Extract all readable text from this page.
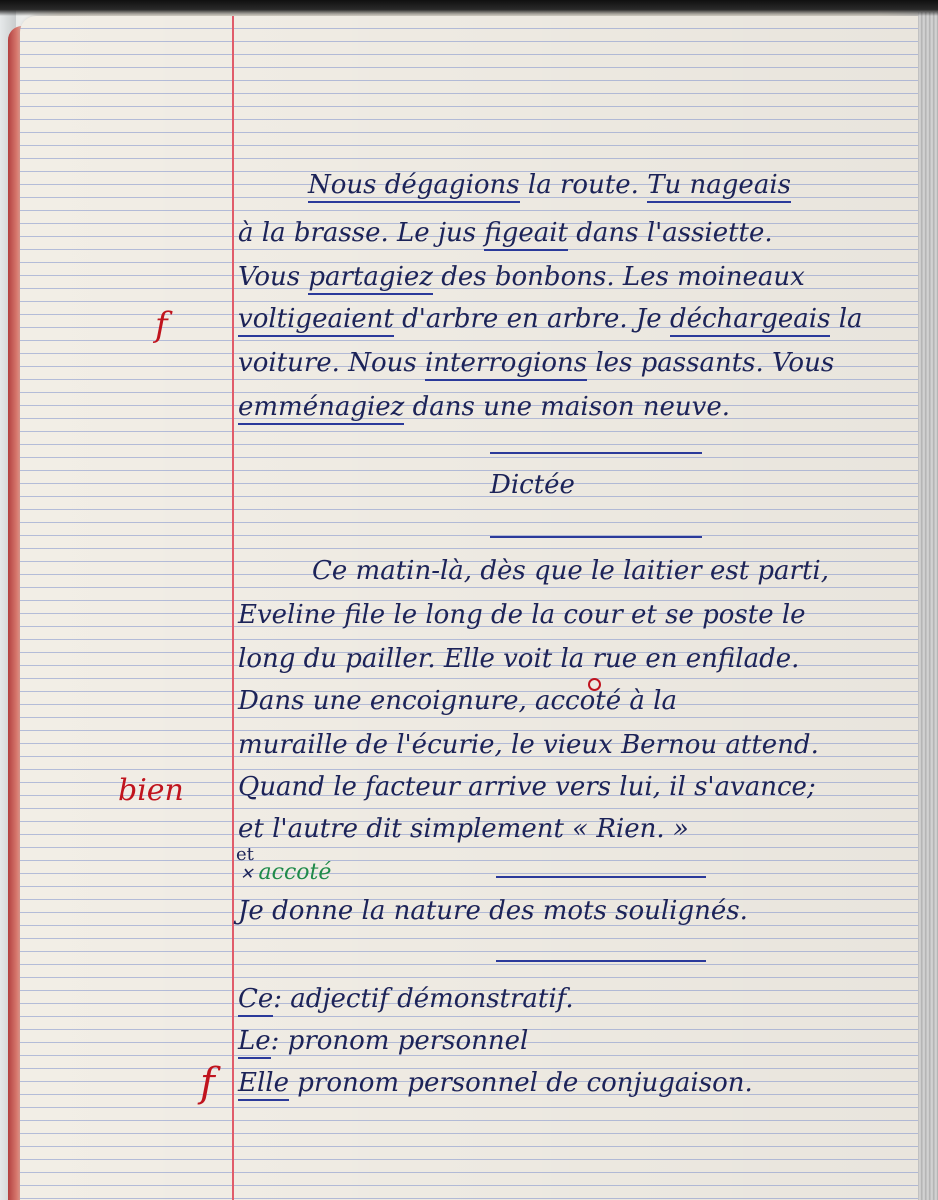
Nous dégagions la route. Tu nageais
à la brasse. Le jus figeait dans l'assiette.
Vous partagiez des bonbons. Les moineaux
voltigeaient d'arbre en arbre. Je déchargeais la
voiture. Nous interrogions les passants. Vous
emménagiez dans une maison neuve.
Dictée
Ce matin-là, dès que le laitier est parti,
Eveline file le long de la cour et se poste le
long du pailler. Elle voit la rue en enfilade.
Dans une encoignure, accoté à la
muraille de l'écurie, le vieux Bernou attend.
Quand le facteur arrive vers lui, il s'avance;
et l'autre dit simplement « Rien. »
et
✕ accoté
Je donne la nature des mots soulignés.
Ce: adjectif démonstratif.
Le: pronom personnel
Elle pronom personnel de conjugaison.
f
bien
f
